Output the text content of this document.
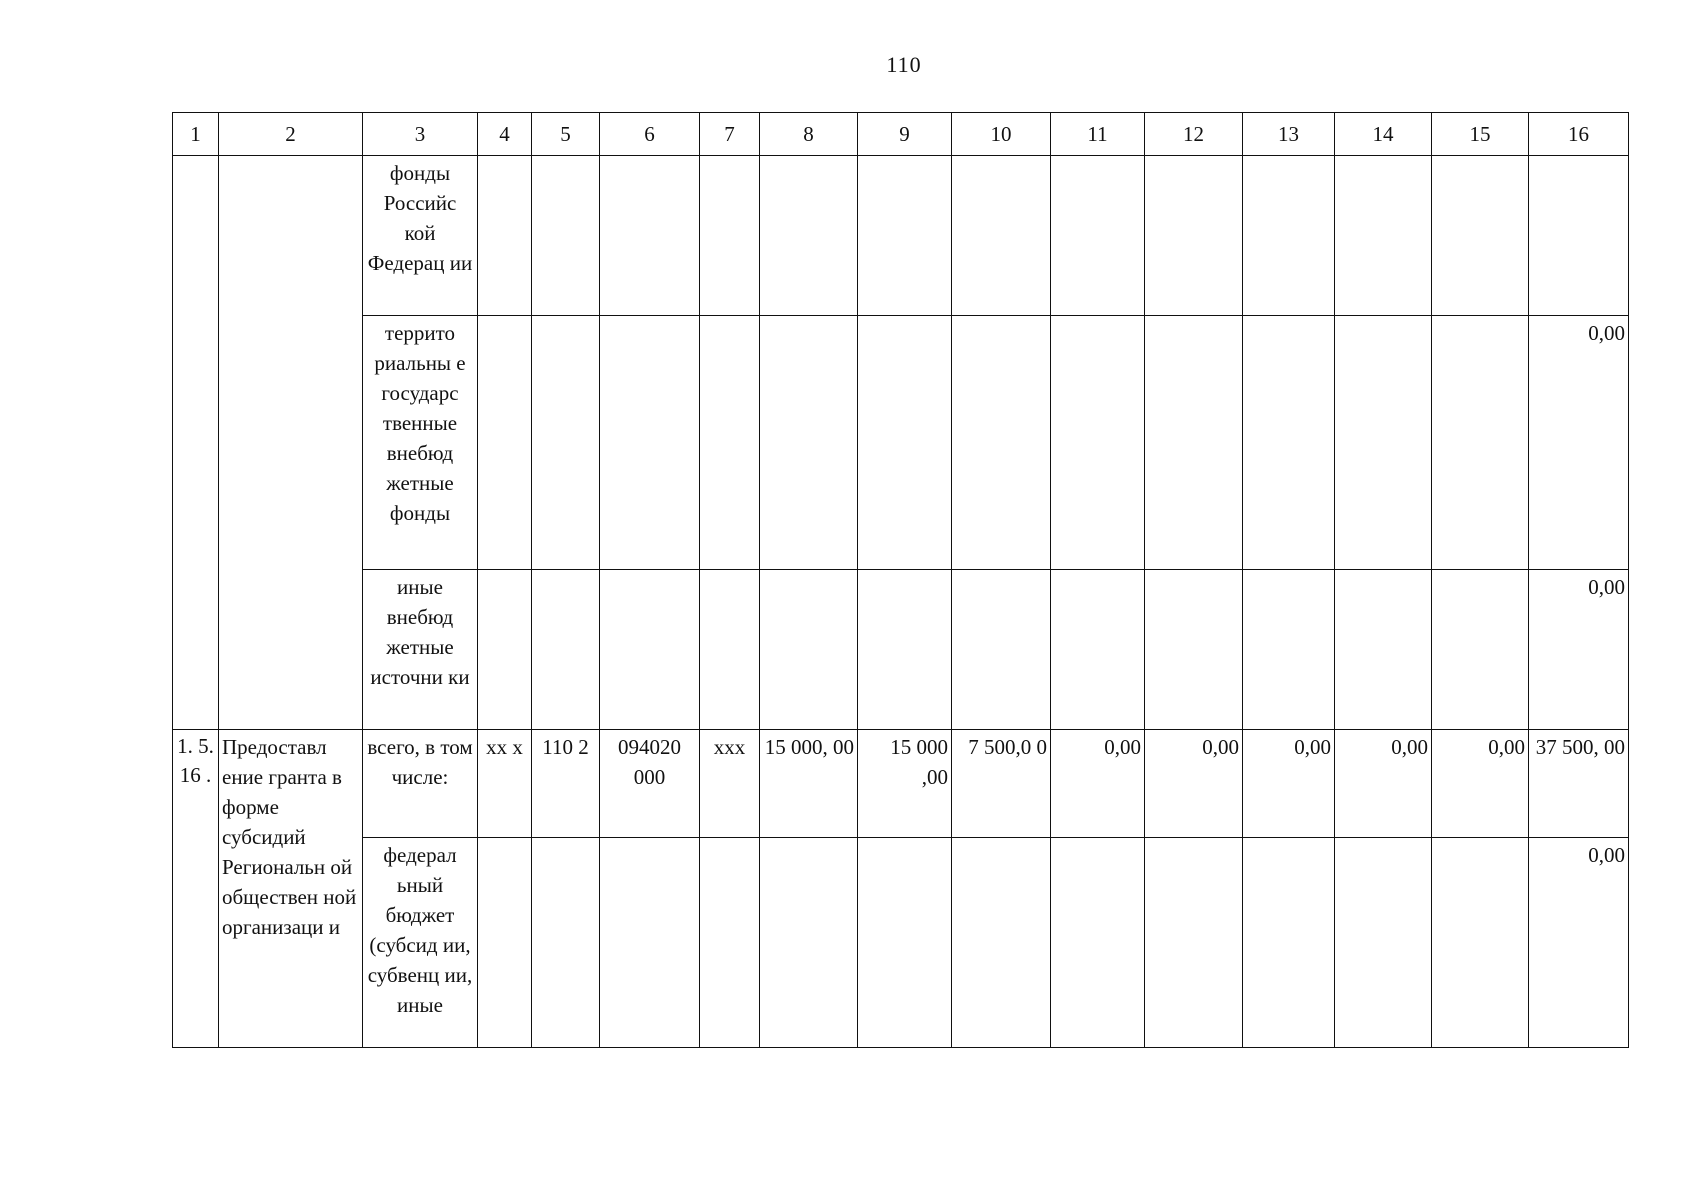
110
1	2	3	4	5	6	7	8	9	10	11	12	13	14	15	16
		фонды Российс кой Федерац ии													
		террито риальны е государс твенные внебюд жетные фонды													0,00
		иные внебюд жетные источни ки													0,00
1. 5. 16 .	Предоставл ение гранта в форме субсидий Региональн ой обществен ной организаци и	всего, в том числе:	хх х	110 2	094020 000	ххх	15 000, 00	15 000 ,00	7 500,0 0	0,00	0,00	0,00	0,00	0,00	37 500, 00
		федерал ьный бюджет (субсид ии, субвенц ии, иные													0,00
